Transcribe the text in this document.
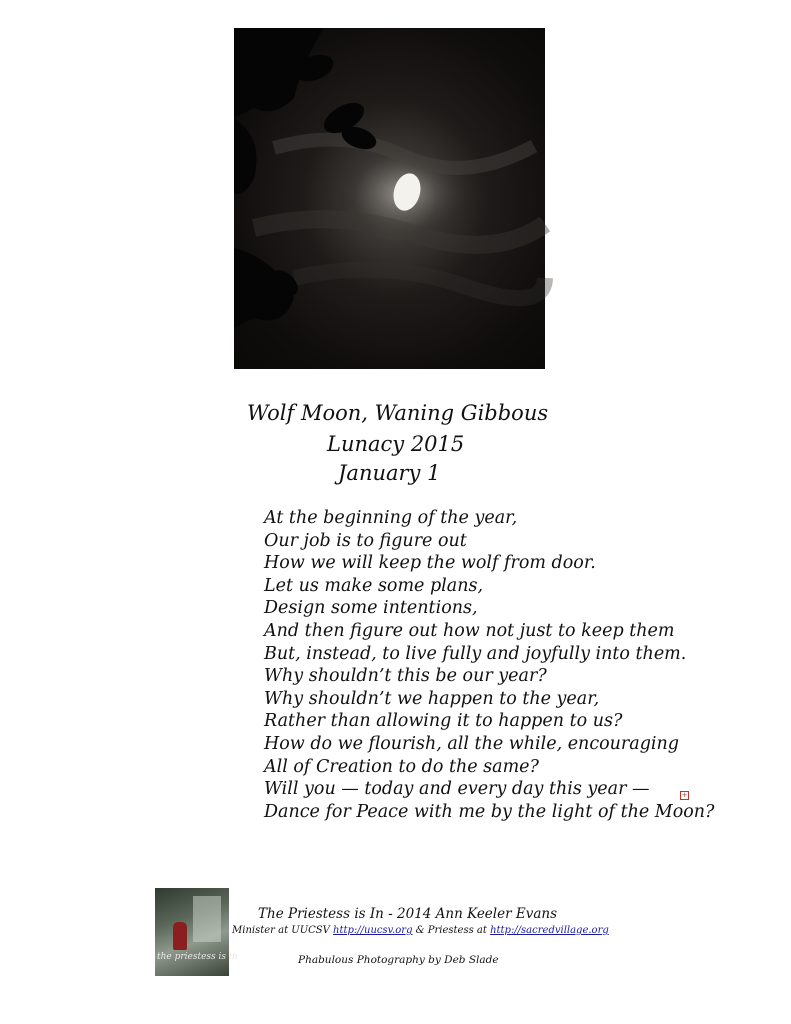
Wolf Moon, Waning Gibbous
Lunacy 2015
January 1
At the beginning of the year,
Our job is to figure out
How we will keep the wolf from door.
Let us make some plans,
Design some intentions,
And then figure out how not just to keep them
But, instead, to live fully and joyfully into them.
Why shouldn’t this be our year?
Why shouldn’t we happen to the year,
Rather than allowing it to happen to us?
How do we flourish, all the while, encouraging
All of Creation to do the same?
Will you — today and every day this year —
Dance for Peace with me by the light of the Moon?
+
the priestess is in
The Priestess is In - 2014 Ann Keeler Evans
Minister at UUCSV http://uucsv.org & Priestess at http://sacredvillage.org
Phabulous Photography by Deb Slade
